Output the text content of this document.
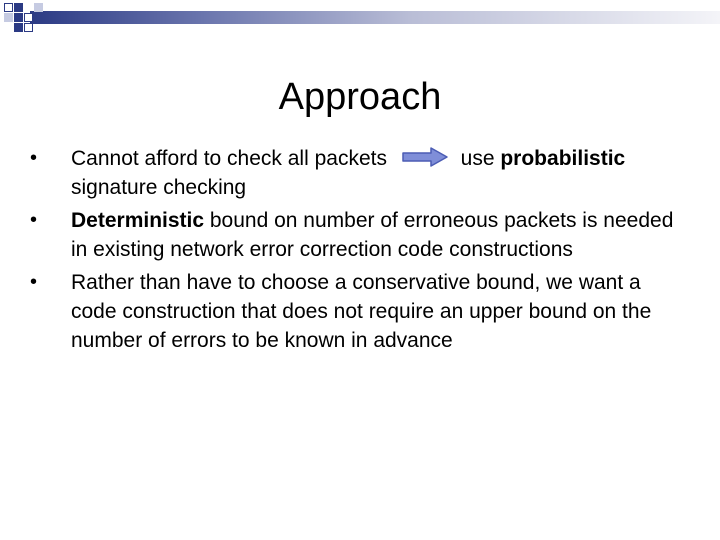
Approach
•	Cannot afford to check all packets	use probabilistic signature checking
•	Deterministic bound on number of erroneous packets is needed in existing network error correction code constructions
•	Rather than have to choose a conservative bound, we want a code construction that does not require an upper bound on the number of errors to be known in advance
